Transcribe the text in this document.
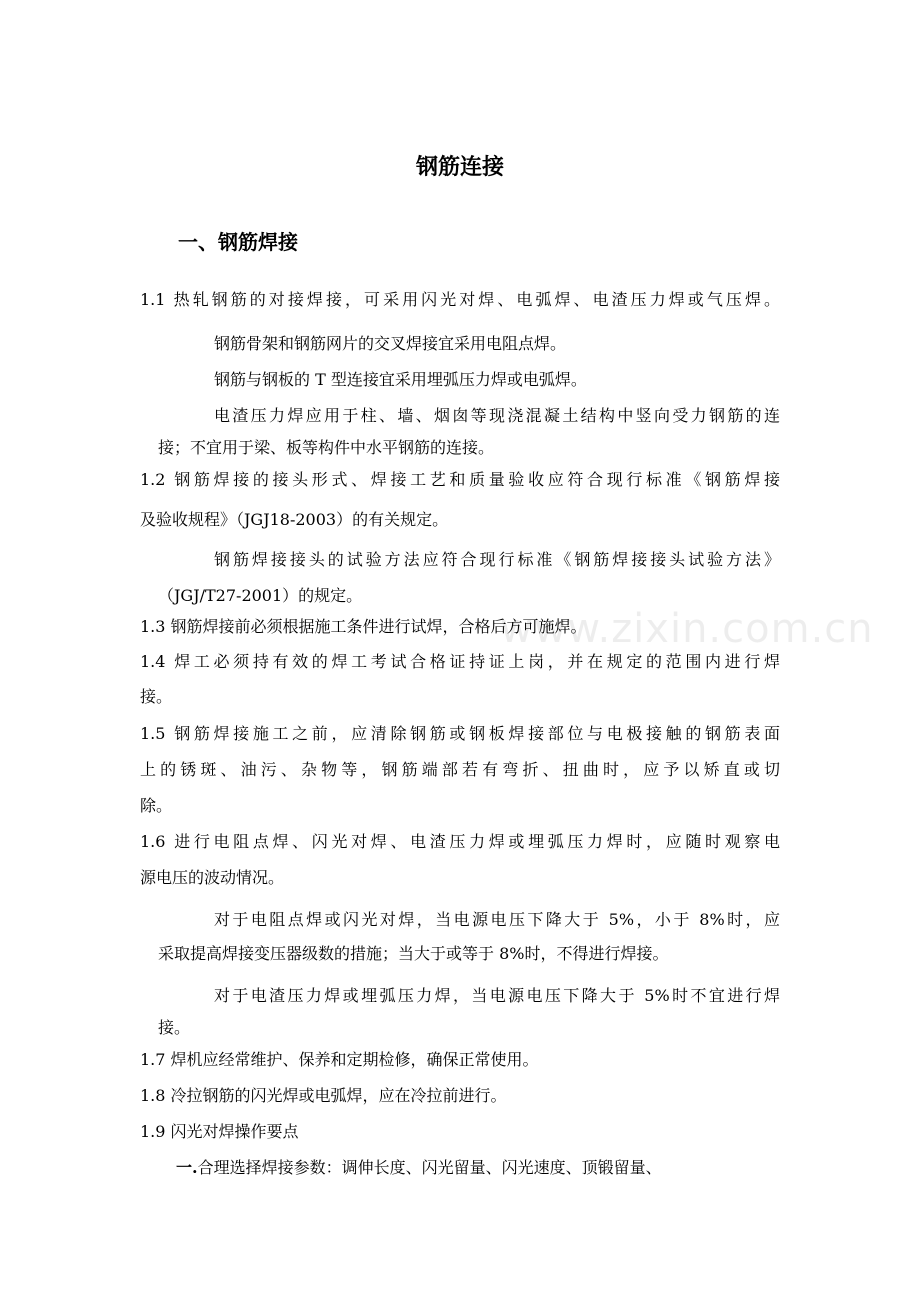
钢筋连接
一、钢筋焊接
1.1 热轧钢筋的对接焊接，可采用闪光对焊、电弧焊、电渣压力焊或气压焊。
钢筋骨架和钢筋网片的交叉焊接宜采用电阻点焊。
钢筋与钢板的 T 型连接宜采用埋弧压力焊或电弧焊。
电渣压力焊应用于柱、墙、烟囱等现浇混凝土结构中竖向受力钢筋的连
接；不宜用于梁、板等构件中水平钢筋的连接。
1.2 钢筋焊接的接头形式、焊接工艺和质量验收应符合现行标准《钢筋焊接
及验收规程》（JGJ18-2003）的有关规定。
钢筋焊接接头的试验方法应符合现行标准《钢筋焊接接头试验方法》
（JGJ/T27-2001）的规定。
1.3 钢筋焊接前必须根据施工条件进行试焊，合格后方可施焊。
1.4 焊工必须持有效的焊工考试合格证持证上岗，并在规定的范围内进行焊
接。
1.5 钢筋焊接施工之前，应清除钢筋或钢板焊接部位与电极接触的钢筋表面
上的锈斑、油污、杂物等，钢筋端部若有弯折、扭曲时，应予以矫直或切
除。
1.6 进行电阻点焊、闪光对焊、电渣压力焊或埋弧压力焊时，应随时观察电
源电压的波动情况。
对于电阻点焊或闪光对焊，当电源电压下降大于 5%，小于 8%时，应
采取提高焊接变压器级数的措施；当大于或等于 8%时，不得进行焊接。
对于电渣压力焊或埋弧压力焊，当电源电压下降大于 5%时不宜进行焊
接。
1.7 焊机应经常维护、保养和定期检修，确保正常使用。
1.8 冷拉钢筋的闪光焊或电弧焊，应在冷拉前进行。
1.9 闪光对焊操作要点
一.合理选择焊接参数：调伸长度、闪光留量、闪光速度、顶锻留量、
www.zixin.com.cn
